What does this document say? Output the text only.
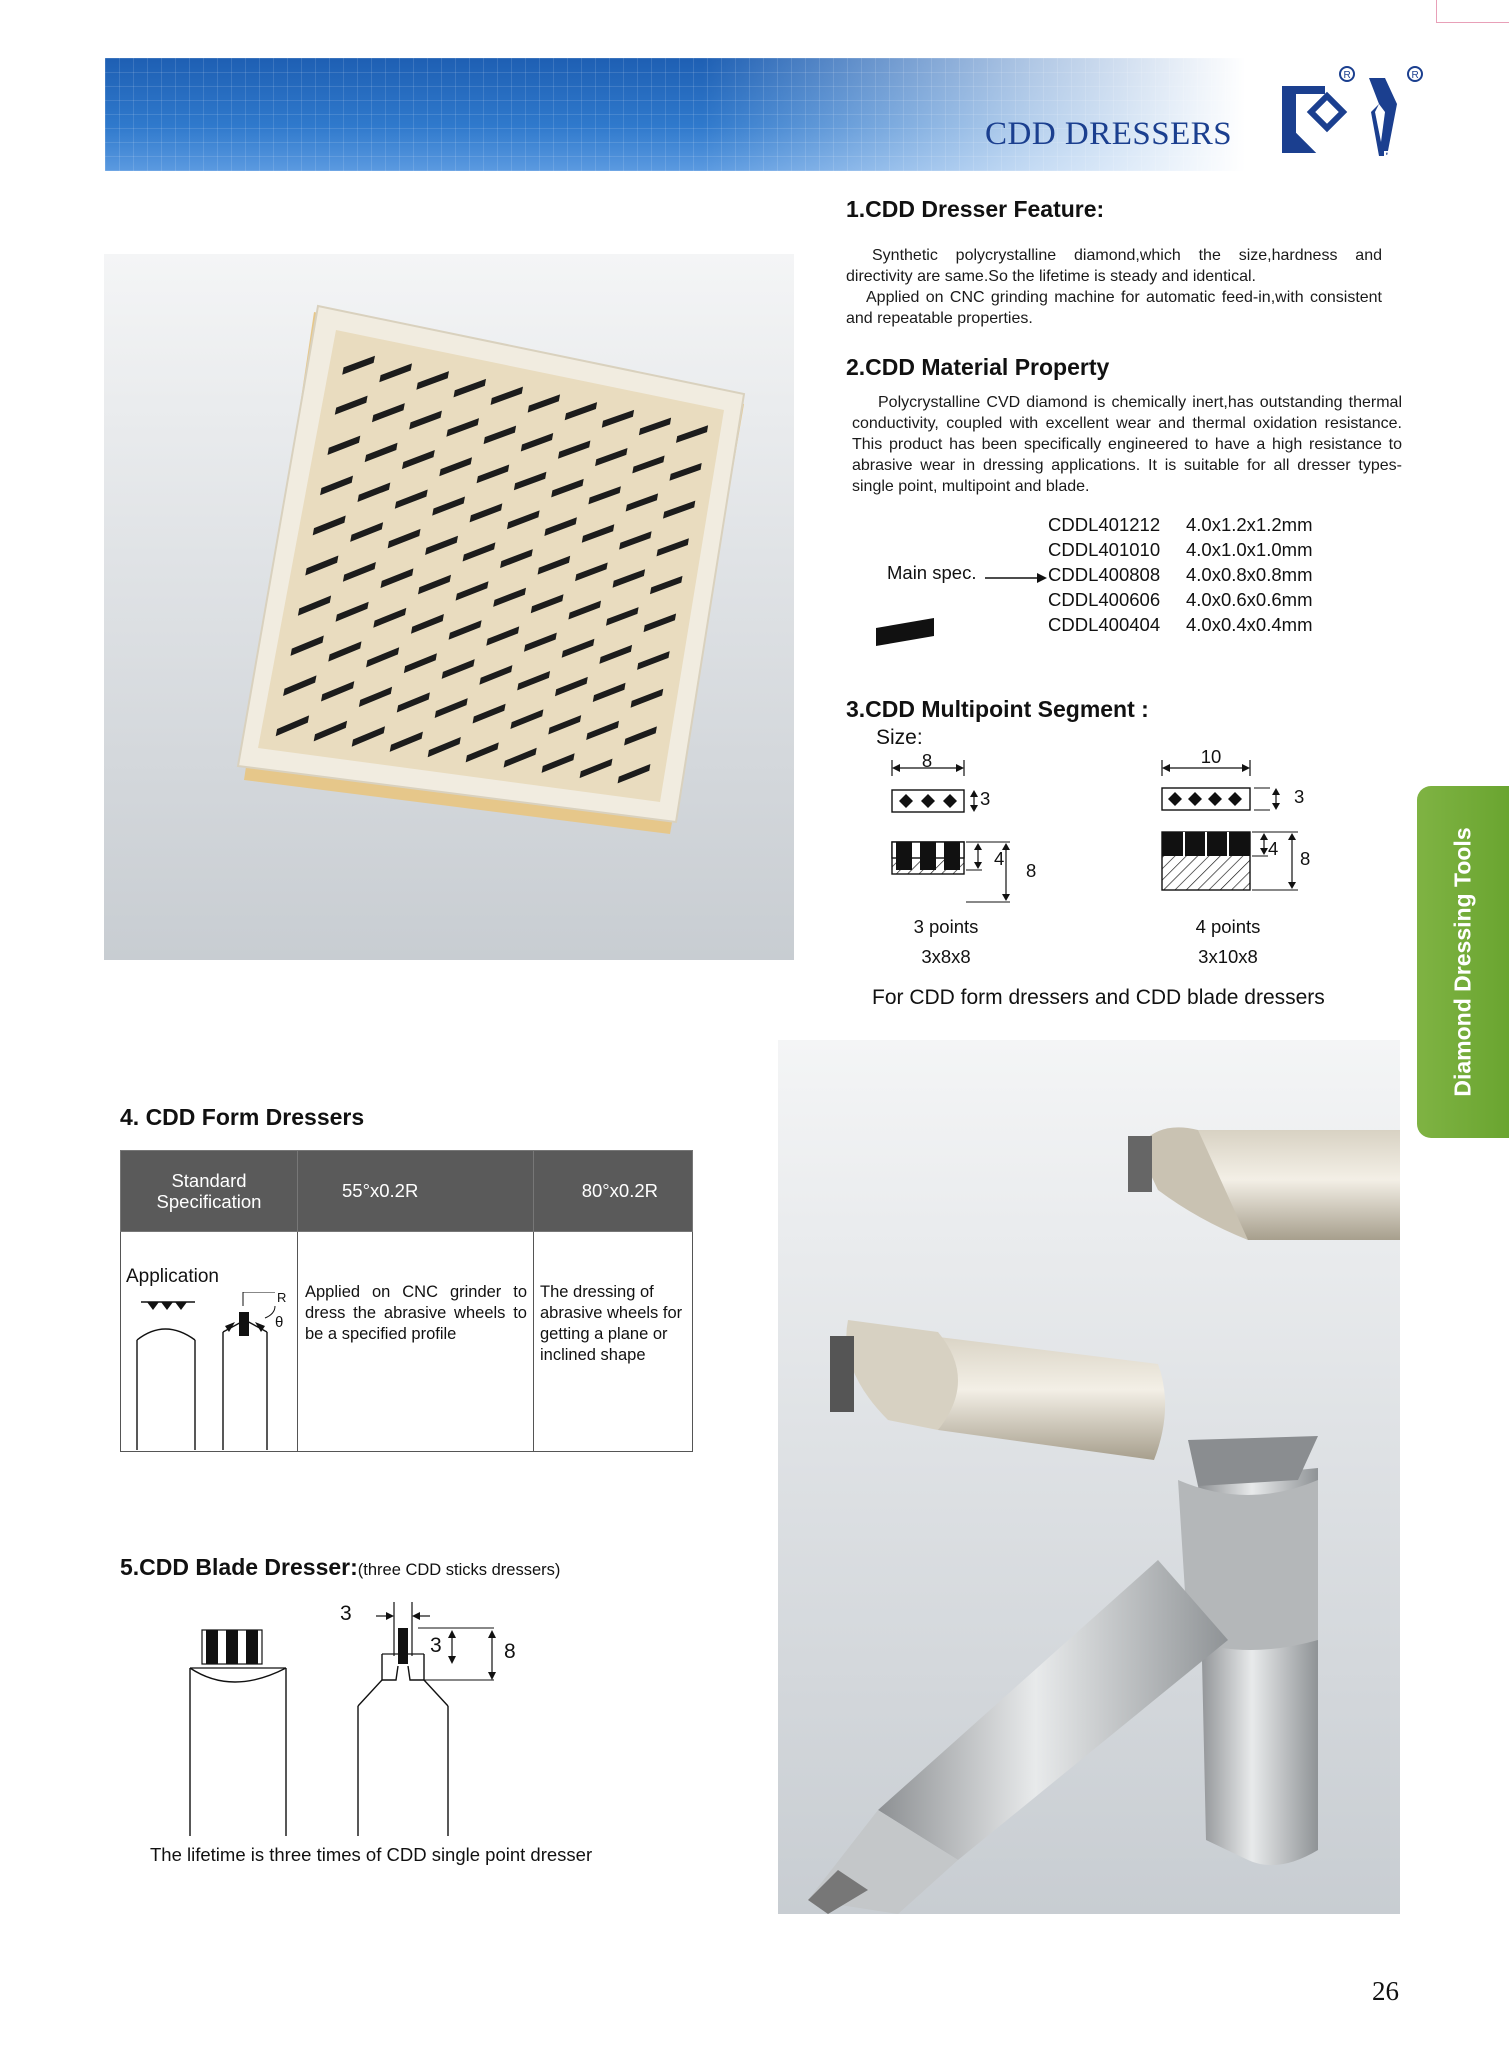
CDD DRESSERS
R	R
BEST
1.CDD Dresser Feature:

Synthetic polycrystalline diamond,which the size,hardness and directivity are same.So the lifetime is steady and identical.

Applied on CNC grinding machine for automatic feed-in,with consistent and repeatable properties.

2.CDD Material Property

Polycrystalline CVD diamond is chemically inert,has outstanding thermal conductivity, coupled with excellent wear and thermal oxidation resistance. This product has been specifically engineered to have a high resistance to abrasive wear in dressing applications. It is suitable for all dresser types-single point, multipoint and blade.

Main spec.
CDDL401212 4.0x1.2x1.2mm
CDDL401010 4.0x1.0x1.0mm
CDDL400808 4.0x0.8x0.8mm
CDDL400606 4.0x0.6x0.6mm
CDDL400404 4.0x0.4x0.4mm
3.CDD Multipoint Segment :
Size:
8
3
4
8
3 points
3x8x8
10
3
4 8
4 points
3x10x8
For CDD form dressers and CDD blade dressers	Diamond Dressing Tools
4. CDD Form Dressers
Standard Specification	55°x0.2R	80°x0.2R

Application
R
θ	Applied on CNC grinder to dress the abrasive wheels to be a specified profile	The dressing of abrasive wheels for getting a plane or inclined shape
5.CDD Blade Dresser:(three CDD sticks dressers)
3
3	8
The lifetime is three times of CDD single point dresser
26
